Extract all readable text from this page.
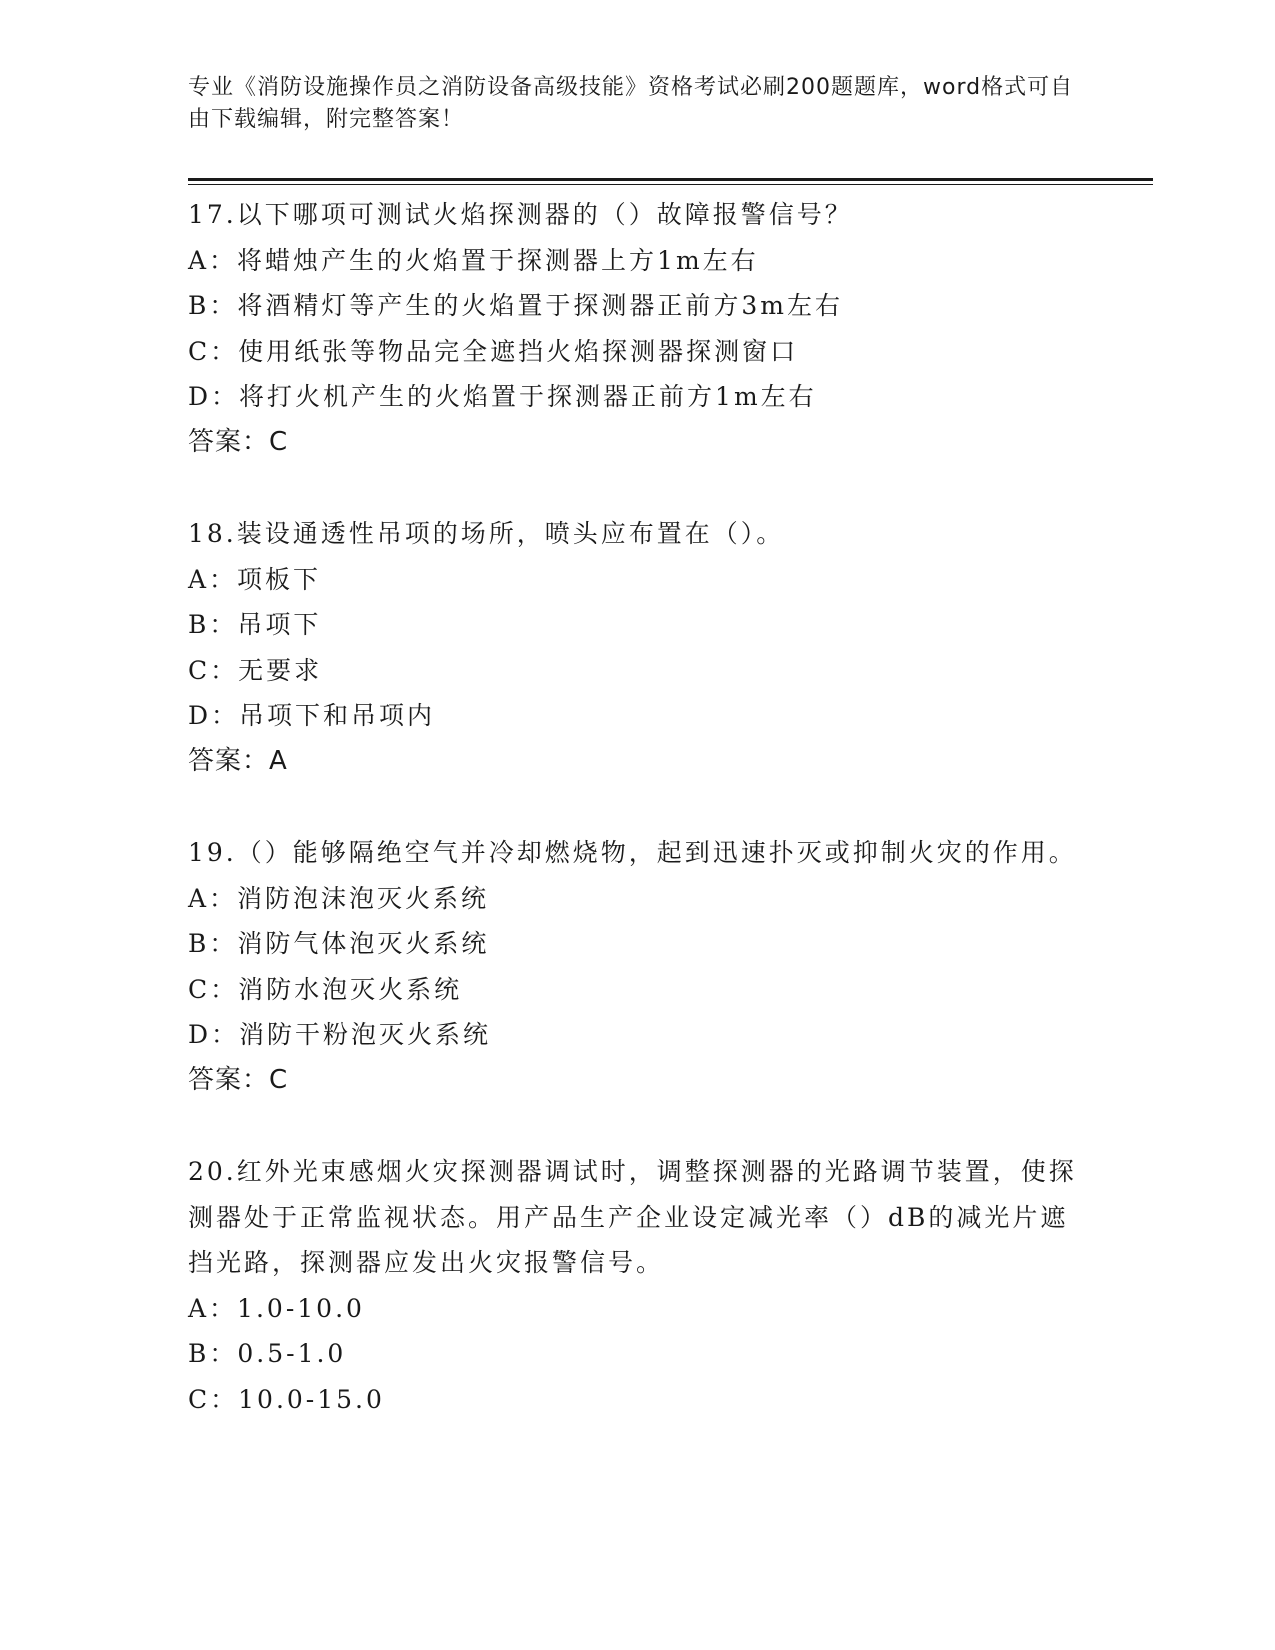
专业《消防设施操作员之消防设备高级技能》资格考试必刷200题题库，word格式可自由下载编辑，附完整答案！
17.以下哪项可测试火焰探测器的（）故障报警信号？
A：将蜡烛产生的火焰置于探测器上方1m左右
B：将酒精灯等产生的火焰置于探测器正前方3m左右
C：使用纸张等物品完全遮挡火焰探测器探测窗口
D：将打火机产生的火焰置于探测器正前方1m左右
答案：C
18.装设通透性吊项的场所，喷头应布置在（）。
A：项板下
B：吊项下
C：无要求
D：吊项下和吊项内
答案：A
19.（）能够隔绝空气并冷却燃烧物，起到迅速扑灭或抑制火灾的作用。
A：消防泡沫泡灭火系统
B：消防气体泡灭火系统
C：消防水泡灭火系统
D：消防干粉泡灭火系统
答案：C
20.红外光束感烟火灾探测器调试时，调整探测器的光路调节装置，使探测器处于正常监视状态。用产品生产企业设定减光率（）dB的减光片遮挡光路，探测器应发出火灾报警信号。
A：1.0-10.0
B：0.5-1.0
C：10.0-15.0
